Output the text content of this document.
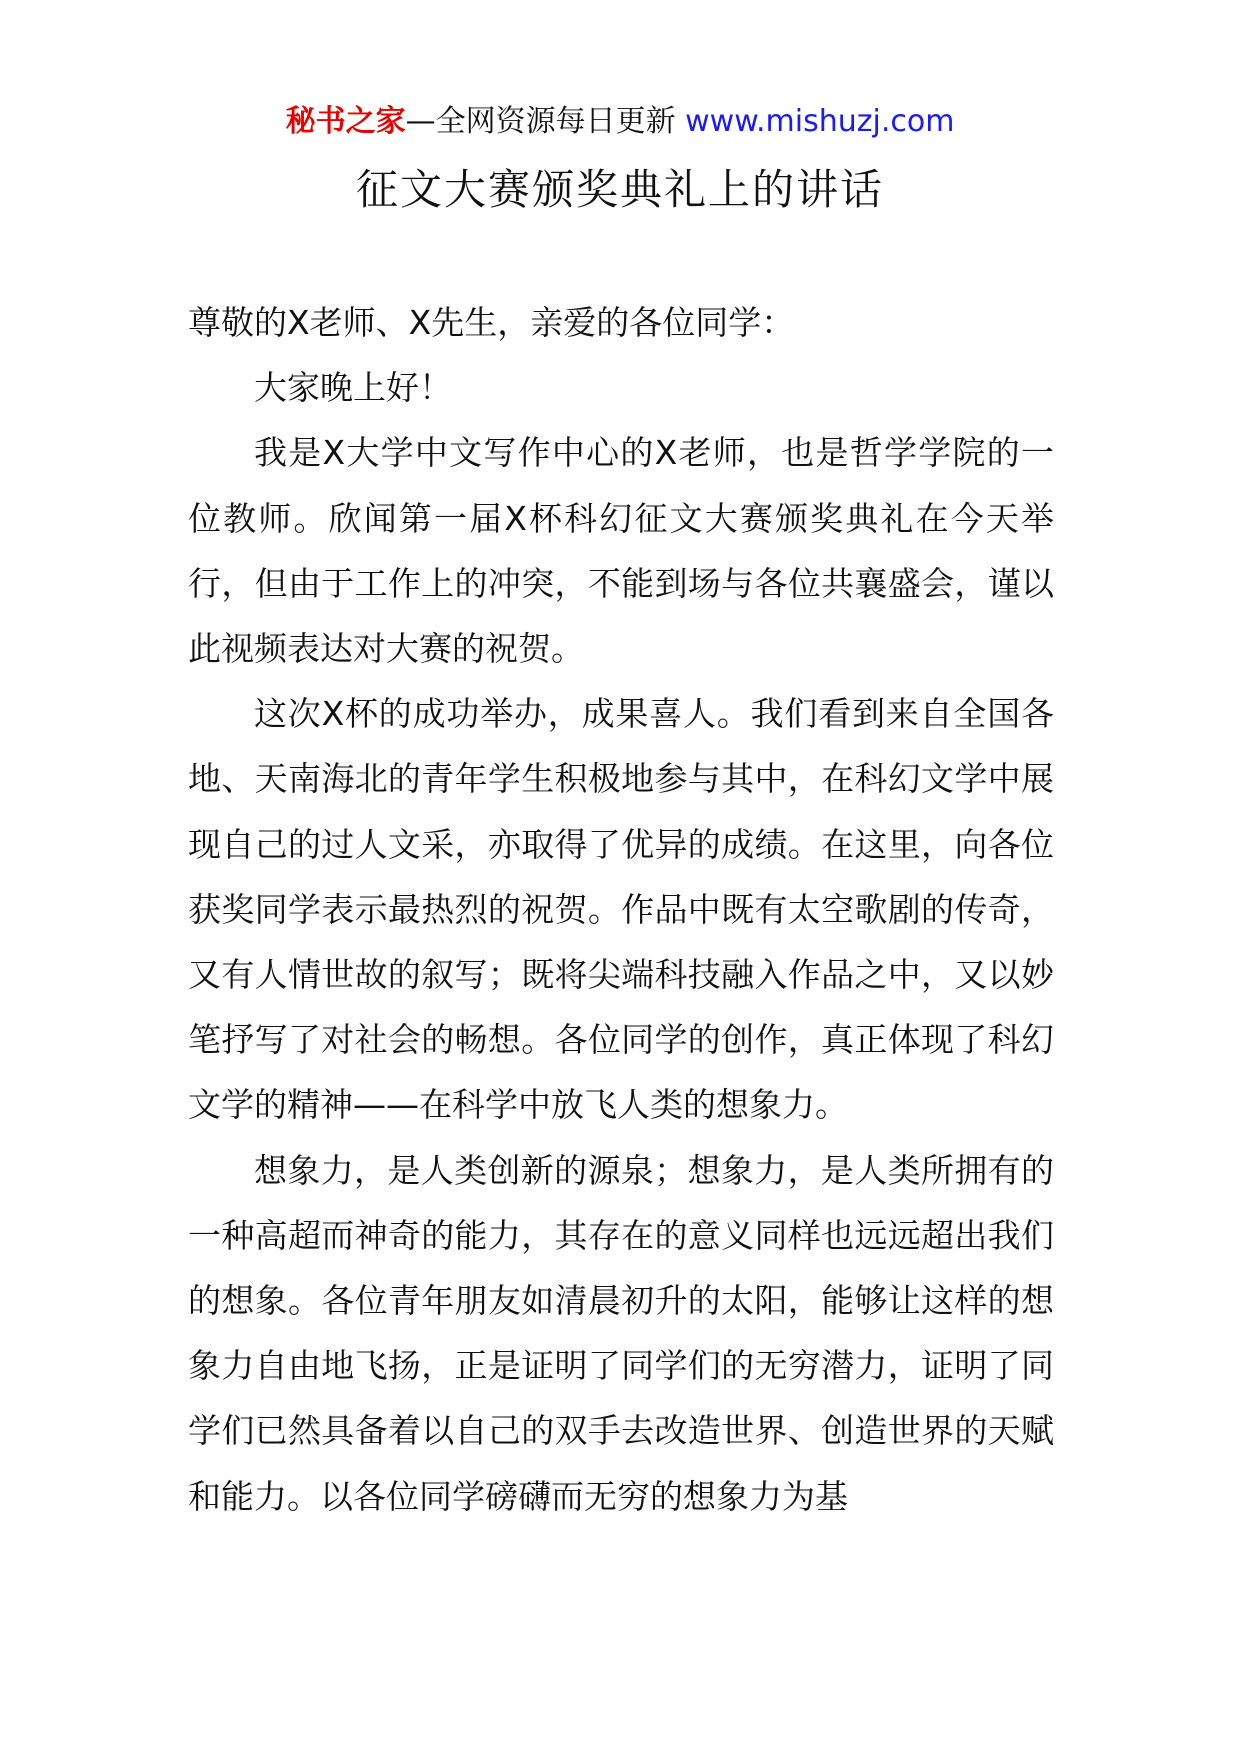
秘书之家—全网资源每日更新 www.mishuzj.com
征文大赛颁奖典礼上的讲话

尊敬的X老师、X先生，亲爱的各位同学：

大家晚上好！

我是X大学中文写作中心的X老师，也是哲学学院的一位教师。欣闻第一届X杯科幻征文大赛颁奖典礼在今天举行，但由于工作上的冲突，不能到场与各位共襄盛会，谨以此视频表达对大赛的祝贺。

这次X杯的成功举办，成果喜人。我们看到来自全国各地、天南海北的青年学生积极地参与其中，在科幻文学中展现自己的过人文采，亦取得了优异的成绩。在这里，向各位获奖同学表示最热烈的祝贺。作品中既有太空歌剧的传奇，又有人情世故的叙写；既将尖端科技融入作品之中，又以妙笔抒写了对社会的畅想。各位同学的创作，真正体现了科幻文学的精神——在科学中放飞人类的想象力。

想象力，是人类创新的源泉；想象力，是人类所拥有的一种高超而神奇的能力，其存在的意义同样也远远超出我们的想象。各位青年朋友如清晨初升的太阳，能够让这样的想象力自由地飞扬，正是证明了同学们的无穷潜力，证明了同学们已然具备着以自己的双手去改造世界、创造世界的天赋和能力。以各位同学磅礴而无穷的想象力为基
